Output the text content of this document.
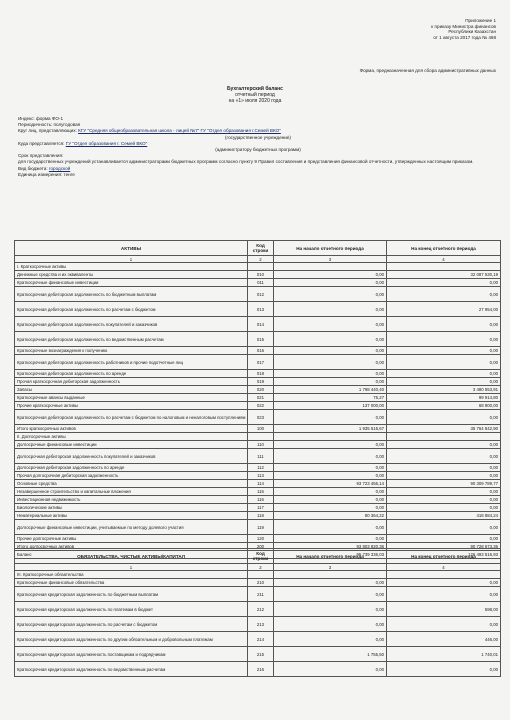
Приложение 1
к приказу Министра финансов
Республики Казахстан
от 1 августа 2017 года № 468
Форма, предназначенная для сбора административных данных
Бухгалтерский баланс
отчетный период
на «1» июля 2020 года
Индекс: форма ФО-1
Периодичность: полугодовая
Круг лиц, представляющих: КГУ "Средняя общеобразовательная школа - лицей №7" ГУ "Отдел образования г.Семей ВКО"
(государственное учреждение)
Куда представляется: ГУ "Отдел образования г. Семей ВКО"
(администратору бюджетных программ)
Срок представления:
для государственных учреждений устанавливается администраторами бюджетных программ согласно пункту 9 Правил составления и представления финансовой отчетности, утвержденных настоящим приказом.
Вид бюджета: городской
Единица измерения: тенге
АКТИВЫ	Код строки	На начало отчетного периода	На конец отчетного периода
1	2	3	4
I. Краткосрочные активы			
Денежные средства и их эквиваленты	010	0,00	32 087 530,19
Краткосрочные финансовые инвестиции	011	0,00	0,00
Краткосрочная дебиторская задолженность по бюджетным выплатам	012	0,00	0,00
Краткосрочная дебиторская задолженность по расчетам с бюджетом	013	0,00	27 954,00
Краткосрочная дебиторская задолженность покупателей и заказчиков	014	0,00	0,00
Краткосрочная дебиторская задолженность по ведомственным расчетам	015	0,00	0,00
Краткосрочные вознаграждения к получению	016	0,00	0,00
Краткосрочная дебиторская задолженность работников и прочие подотчетные лиц	017	0,00	0,00
Краткосрочная дебиторская задолженность по аренде	018	0,00	0,00
Прочая краткосрочная дебиторская задолженность	019	0,00	0,00
Запасы	020	1 798 440,40	3 480 553,91
Краткосрочные авансы выданные	021	75,27	99 914,80
Прочие краткосрочные активы	022	137 000,00	68 900,00
Краткосрочная дебиторская задолженность по расчетам с бюджетом по налоговым и неналоговым поступлениям	023	0,00	0,00
Итого краткосрочных активов	100	1 935 515,67	35 764 842,90
II. Долгосрочные активы			
Долгосрочные финансовые инвестиции	110	0,00	0,00
Долгосрочная дебиторская задолженность покупателей и заказчиков	111	0,00	0,00
Долгосрочная дебиторская задолженность по аренде	112	0,00	0,00
Прочая долгосрочная дебиторская задолженность	113	0,00	0,00
Основные средства	114	93 723 456,14	90 309 789,77
Незавершенное строительство и капитальные вложения	115	0,00	0,00
Инвестиционная недвижимость	116	0,00	0,00
Биологические активы	117	0,00	0,00
Нематериальные активы	118	80 364,22	418 884,24
Долгосрочные финансовые инвестиции, учитываемые по методу долевого участия	119	0,00	0,00
Прочие долгосрочные активы	120	0,00	0,00
Итого долгосрочных активов	200	93 803 820,36	90 728 673,36
Баланс		95 739 336,03	126 493 516,93
ОБЯЗАТЕЛЬСТВА, ЧИСТЫЕ АКТИВЫ/КАПИТАЛ	Код строки	На начало отчетного периода	На конец отчетного периода
1	2	3	4
III. Краткосрочные обязательства			
Краткосрочные финансовые обязательства	210	0,00	0,00
Краткосрочная кредиторская задолженность по бюджетным выплатам	211	0,00	0,00
Краткосрочная кредиторская задолженность по платежам в бюджет	212	0,00	598,00
Краткосрочная кредиторская задолженность по расчетам с бюджетом	213	0,00	0,00
Краткосрочная кредиторская задолженность по другим обязательным и добровольным платежам	214	0,00	446,00
Краткосрочная кредиторская задолженность поставщикам и подрядчикам	215	1 755,50	1 740,01
Краткосрочная кредиторская задолженность по ведомственным расчетам	216	0,00	0,00
